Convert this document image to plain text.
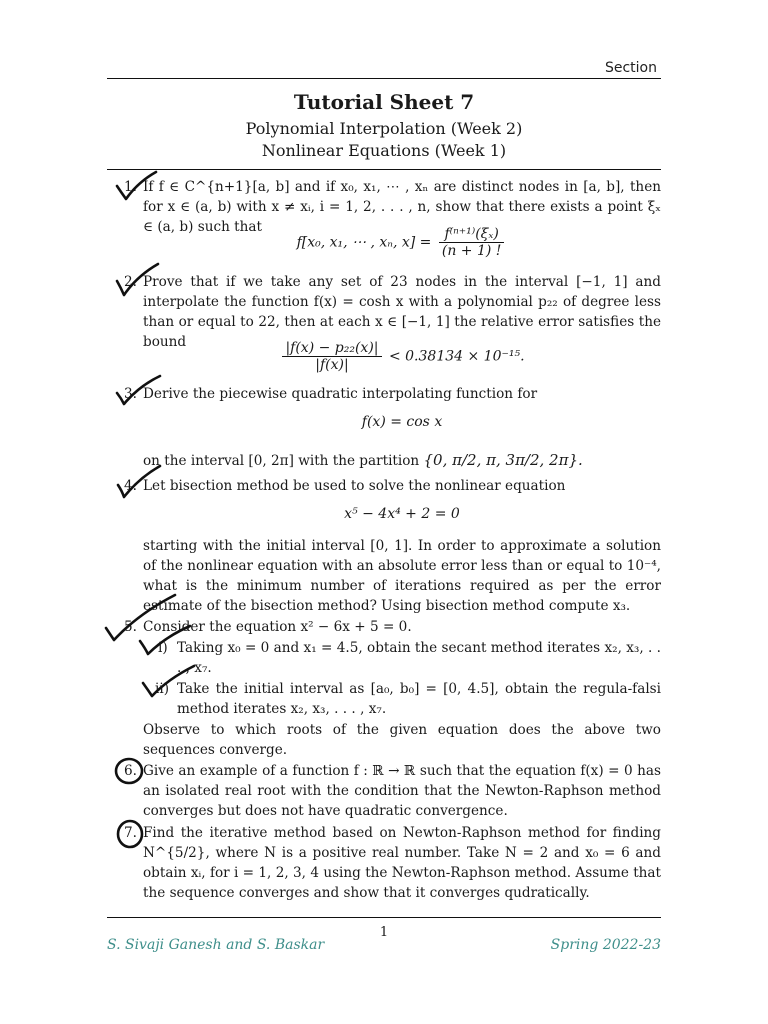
Section
Tutorial Sheet 7
Polynomial Interpolation (Week 2)
Nonlinear Equations (Week 1)
1. If f ∈ C^{n+1}[a, b] and if x₀, x₁, ⋯ , xₙ are distinct nodes in [a, b], then for x ∈ (a, b) with x ≠ xᵢ, i = 1, 2, . . . , n, show that there exists a point ξₓ ∈ (a, b) such that
f[x₀, x₁, ⋯ , xₙ, $x] = \frac{\text{f⁽ⁿ⁺¹⁾(ξₓ)}}{(n + 1) !}$
2. Prove that if we take any set of 23 nodes in the interval [−1, 1] and interpolate the function f(x) = cosh x with a polynomial p₂₂ of degree less than or equal to 22, then at each x ∈ [−1, 1] the relative error satisfies the bound	$\frac{\text{|f(x) − p₂₂(x)|}}{|f(x)|} < 0.38134 \times 10^{-15}$.
3. Derive the piecewise quadratic interpolating function for
f(x) = cos x
on the interval [0, 2π] with the partition {0, π/2, π, 3π/2, 2π}.
4. Let bisection method be used to solve the nonlinear equation
x⁵ − 4x⁴ + 2 = 0
starting with the initial interval [0, 1]. In order to approximate a solution of the nonlinear equation with an absolute error less than or equal to 10⁻⁴, what is the minimum number of iterations required as per the error estimate of the bisection method? Using bisection method compute x₃.
5. Consider the equation x² − 6x + 5 = 0.
i) Taking x₀ = 0 and x₁ = 4.5, obtain the secant method iterates x₂, x₃, . . . , x₇.
ii) Take the initial interval as [a₀, b₀] = [0, 4.5], obtain the regula-falsi method iterates x₂, x₃, . . . , x₇.
Observe to which roots of the given equation does the above two sequences converge.
6. Give an example of a function f : ℝ → ℝ such that the equation f(x) = 0 has an isolated real root with the condition that the Newton-Raphson method converges but does not have quadratic convergence.
7. Find the iterative method based on Newton-Raphson method for finding N^{5/2}, where N is a positive real number. Take N = 2 and x₀ = 6 and obtain xᵢ, for i = 1, 2, 3, 4 using the Newton-Raphson method. Assume that the sequence converges and show that it converges qudratically.
1
S. Sivaji Ganesh and S. Baskar	Spring 2022-23
